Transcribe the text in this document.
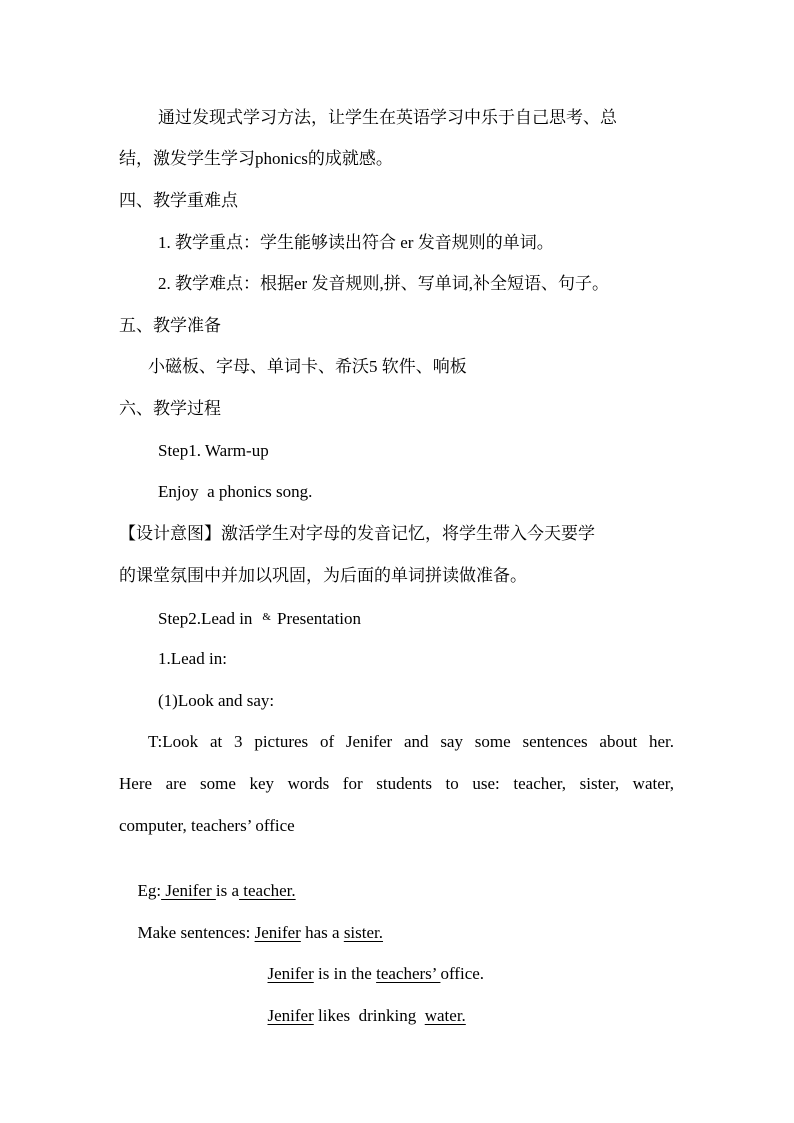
通过发现式学习方法，让学生在英语学习中乐于自己思考、总
结，激发学生学习phonics的成就感。
四、教学重难点
1. 教学重点：学生能够读出符合 er 发音规则的单词。
2. 教学难点：根据er 发音规则,拼、写单词,补全短语、句子。
五、教学准备
小磁板、字母、单词卡、希沃5 软件、响板
六、教学过程
Step1. Warm-up
Enjoy  a phonics song.
【设计意图】激活学生对字母的发音记忆，将学生带入今天要学
的课堂氛围中并加以巩固，为后面的单词拼读做准备。
Step2.Lead in & Presentation
1.Lead in:
(1)Look and say:
T:Look at 3 pictures of Jenifer and say some sentences about her.
Here are some key words for students to use: teacher, sister, water,
computer, teachers’ office

Eg: Jenifer is a teacher.

Make sentences: Jenifer has a sister.

Jenifer is in the teachers’ office.

Jenifer likes  drinking  water.
